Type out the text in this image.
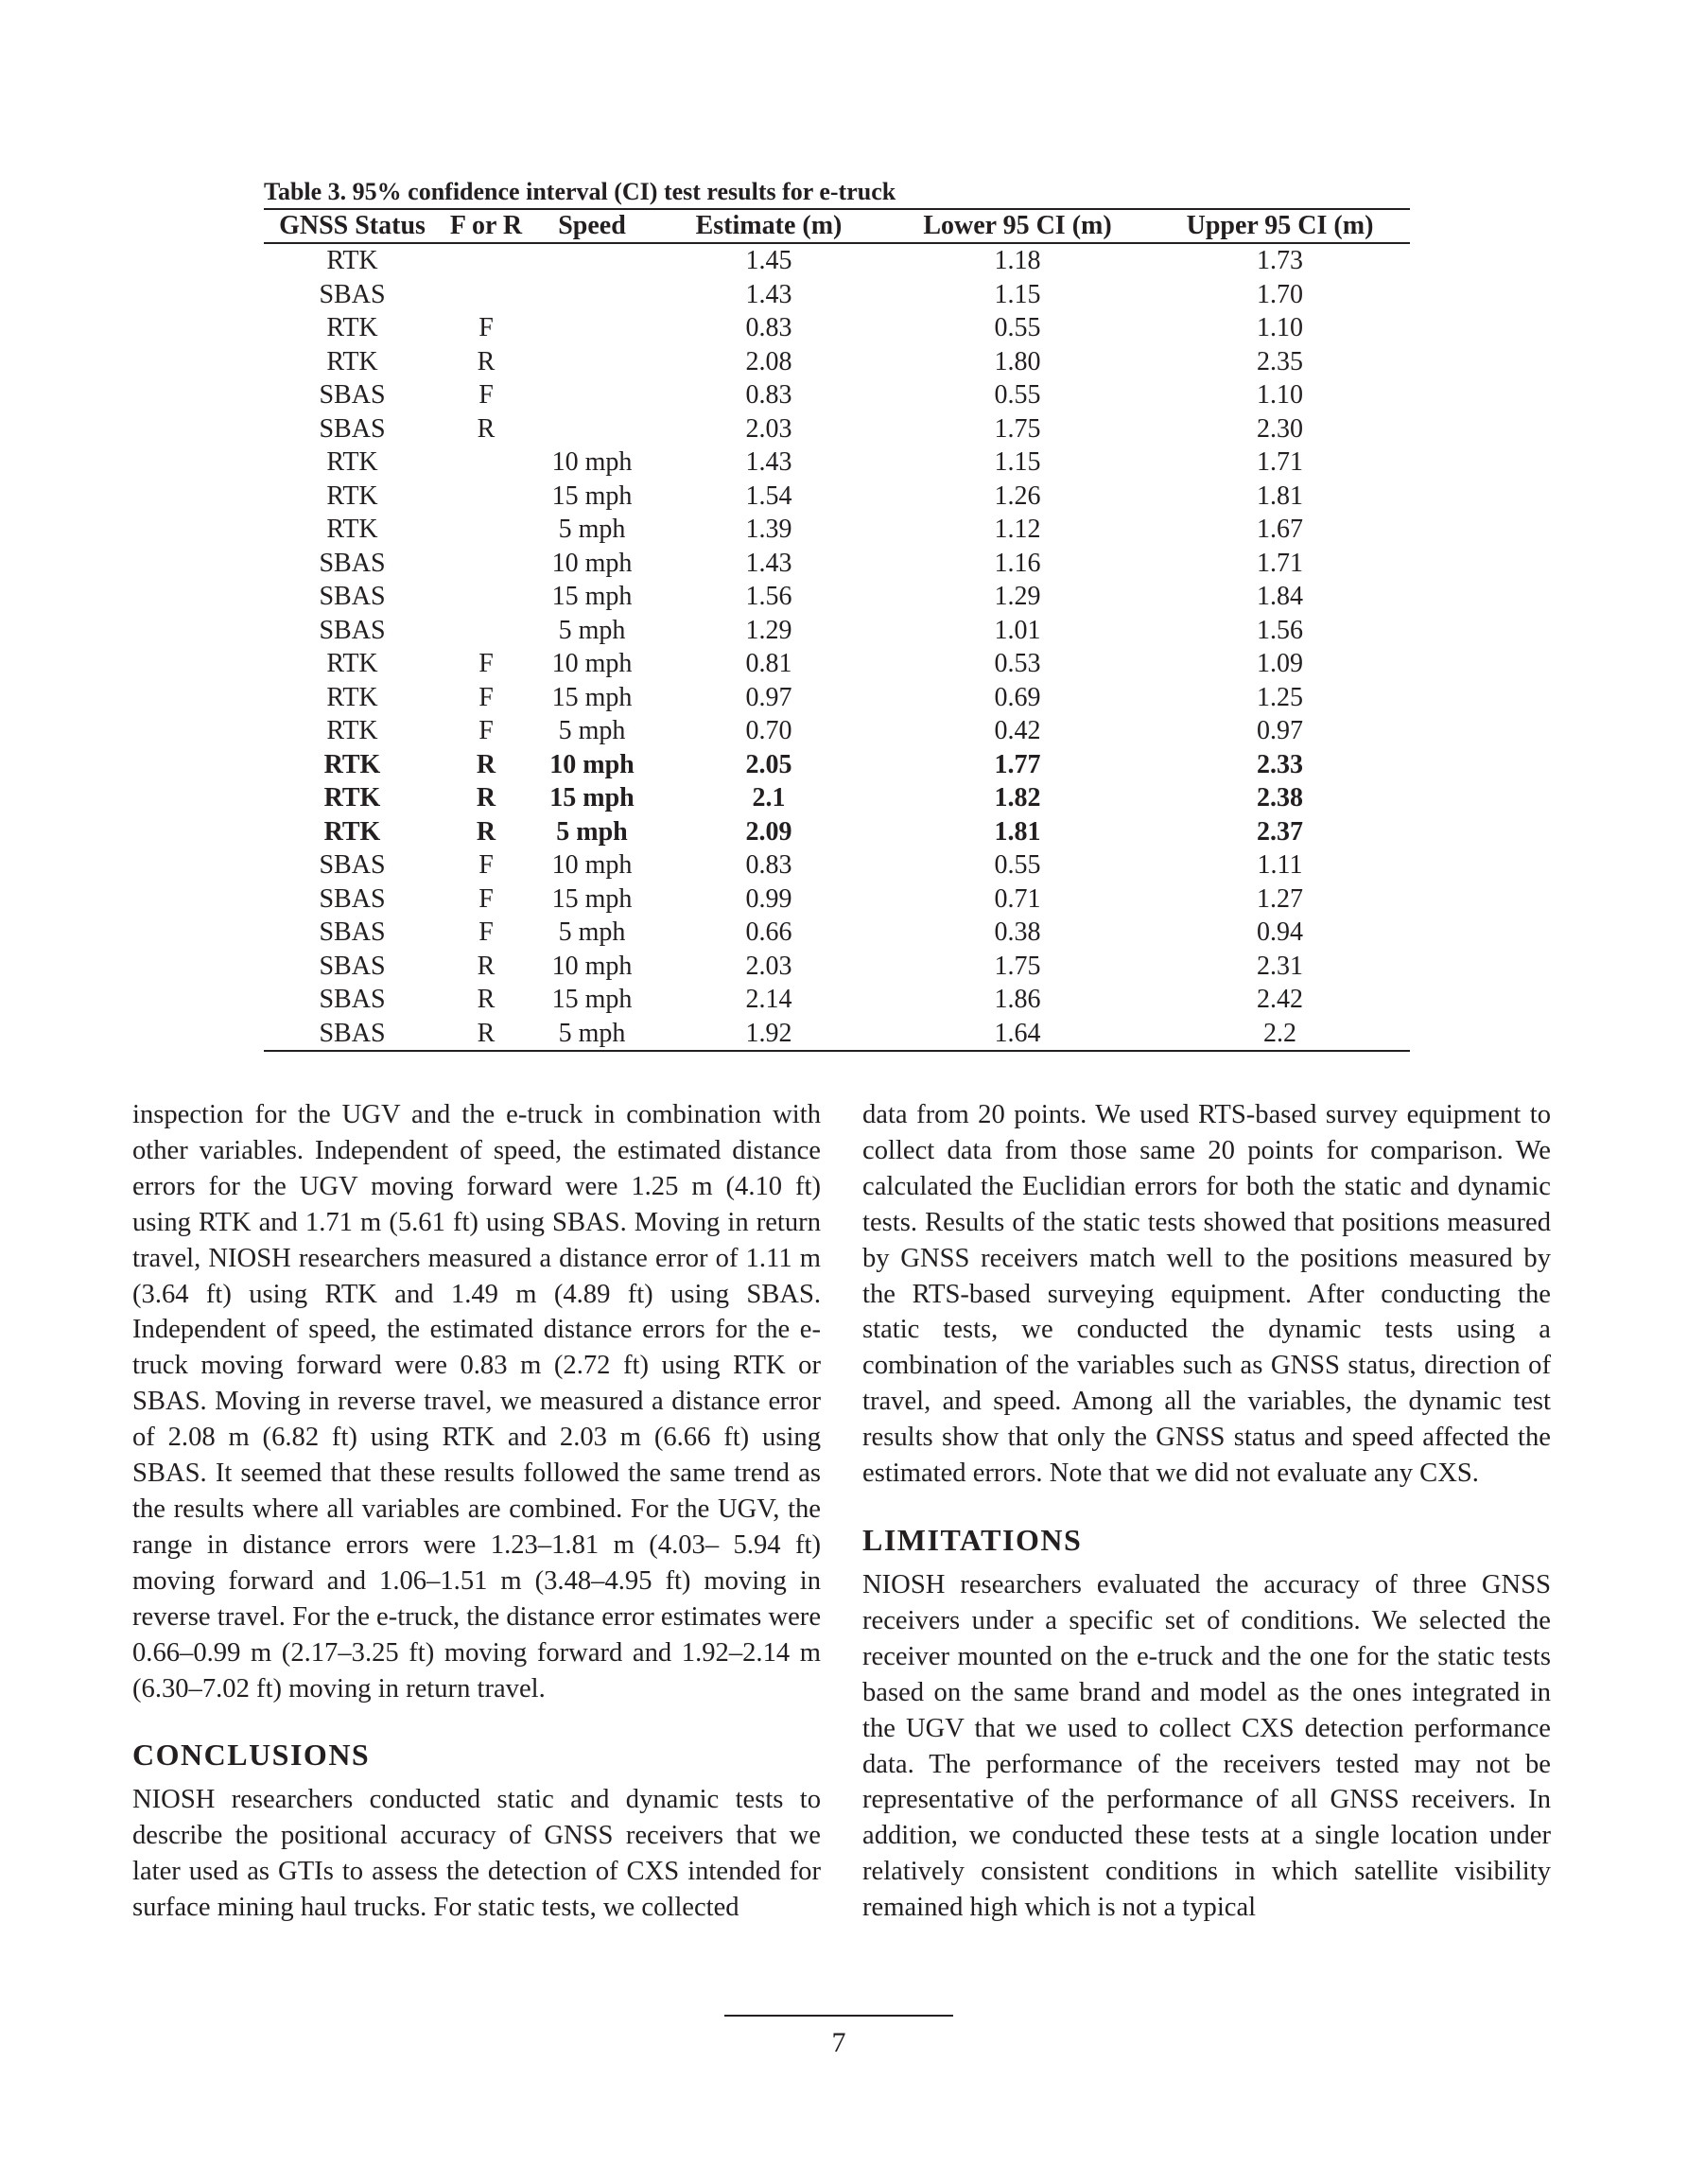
Table 3. 95% confidence interval (CI) test results for e-truck
GNSS Status	F or R	Speed	Estimate (m)	Lower 95 CI (m)	Upper 95 CI (m)
RTK			1.45	1.18	1.73
SBAS			1.43	1.15	1.70
RTK	F		0.83	0.55	1.10
RTK	R		2.08	1.80	2.35
SBAS	F		0.83	0.55	1.10
SBAS	R		2.03	1.75	2.30
RTK		10 mph	1.43	1.15	1.71
RTK		15 mph	1.54	1.26	1.81
RTK		5 mph	1.39	1.12	1.67
SBAS		10 mph	1.43	1.16	1.71
SBAS		15 mph	1.56	1.29	1.84
SBAS		5 mph	1.29	1.01	1.56
RTK	F	10 mph	0.81	0.53	1.09
RTK	F	15 mph	0.97	0.69	1.25
RTK	F	5 mph	0.70	0.42	0.97
RTK	R	10 mph	2.05	1.77	2.33
RTK	R	15 mph	2.1	1.82	2.38
RTK	R	5 mph	2.09	1.81	2.37
SBAS	F	10 mph	0.83	0.55	1.11
SBAS	F	15 mph	0.99	0.71	1.27
SBAS	F	5 mph	0.66	0.38	0.94
SBAS	R	10 mph	2.03	1.75	2.31
SBAS	R	15 mph	2.14	1.86	2.42
SBAS	R	5 mph	1.92	1.64	2.2

inspection for the UGV and the e-truck in combination with other variables. Independent of speed, the estimated distance errors for the UGV moving forward were 1.25 m (4.10 ft) using RTK and 1.71 m (5.61 ft) using SBAS. Moving in return travel, NIOSH researchers measured a distance error of 1.11 m (3.64 ft) using RTK and 1.49 m (4.89 ft) using SBAS. Independent of speed, the estimated distance errors for the e-truck moving forward were 0.83 m (2.72 ft) using RTK or SBAS. Moving in reverse travel, we measured a distance error of 2.08 m (6.82 ft) using RTK and 2.03 m (6.66 ft) using SBAS. It seemed that these results followed the same trend as the results where all variables are combined. For the UGV, the range in distance errors were 1.23–1.81 m (4.03– 5.94 ft) moving forward and 1.06–1.51 m (3.48–4.95 ft) moving in reverse travel. For the e-truck, the distance error estimates were 0.66–0.99 m (2.17–3.25 ft) moving forward and 1.92–2.14 m (6.30–7.02 ft) moving in return travel.

CONCLUSIONS

NIOSH researchers conducted static and dynamic tests to describe the positional accuracy of GNSS receivers that we later used as GTIs to assess the detection of CXS intended for surface mining haul trucks. For static tests, we collected

data from 20 points. We used RTS-based survey equipment to collect data from those same 20 points for comparison. We calculated the Euclidian errors for both the static and dynamic tests. Results of the static tests showed that positions measured by GNSS receivers match well to the positions measured by the RTS-based surveying equipment. After conducting the static tests, we conducted the dynamic tests using a combination of the variables such as GNSS status, direction of travel, and speed. Among all the variables, the dynamic test results show that only the GNSS status and speed affected the estimated errors. Note that we did not evaluate any CXS.

LIMITATIONS

NIOSH researchers evaluated the accuracy of three GNSS receivers under a specific set of conditions. We selected the receiver mounted on the e-truck and the one for the static tests based on the same brand and model as the ones integrated in the UGV that we used to collect CXS detection performance data. The performance of the receivers tested may not be representative of the performance of all GNSS receivers. In addition, we conducted these tests at a single location under relatively consistent conditions in which satellite visibility remained high which is not a typical

7
